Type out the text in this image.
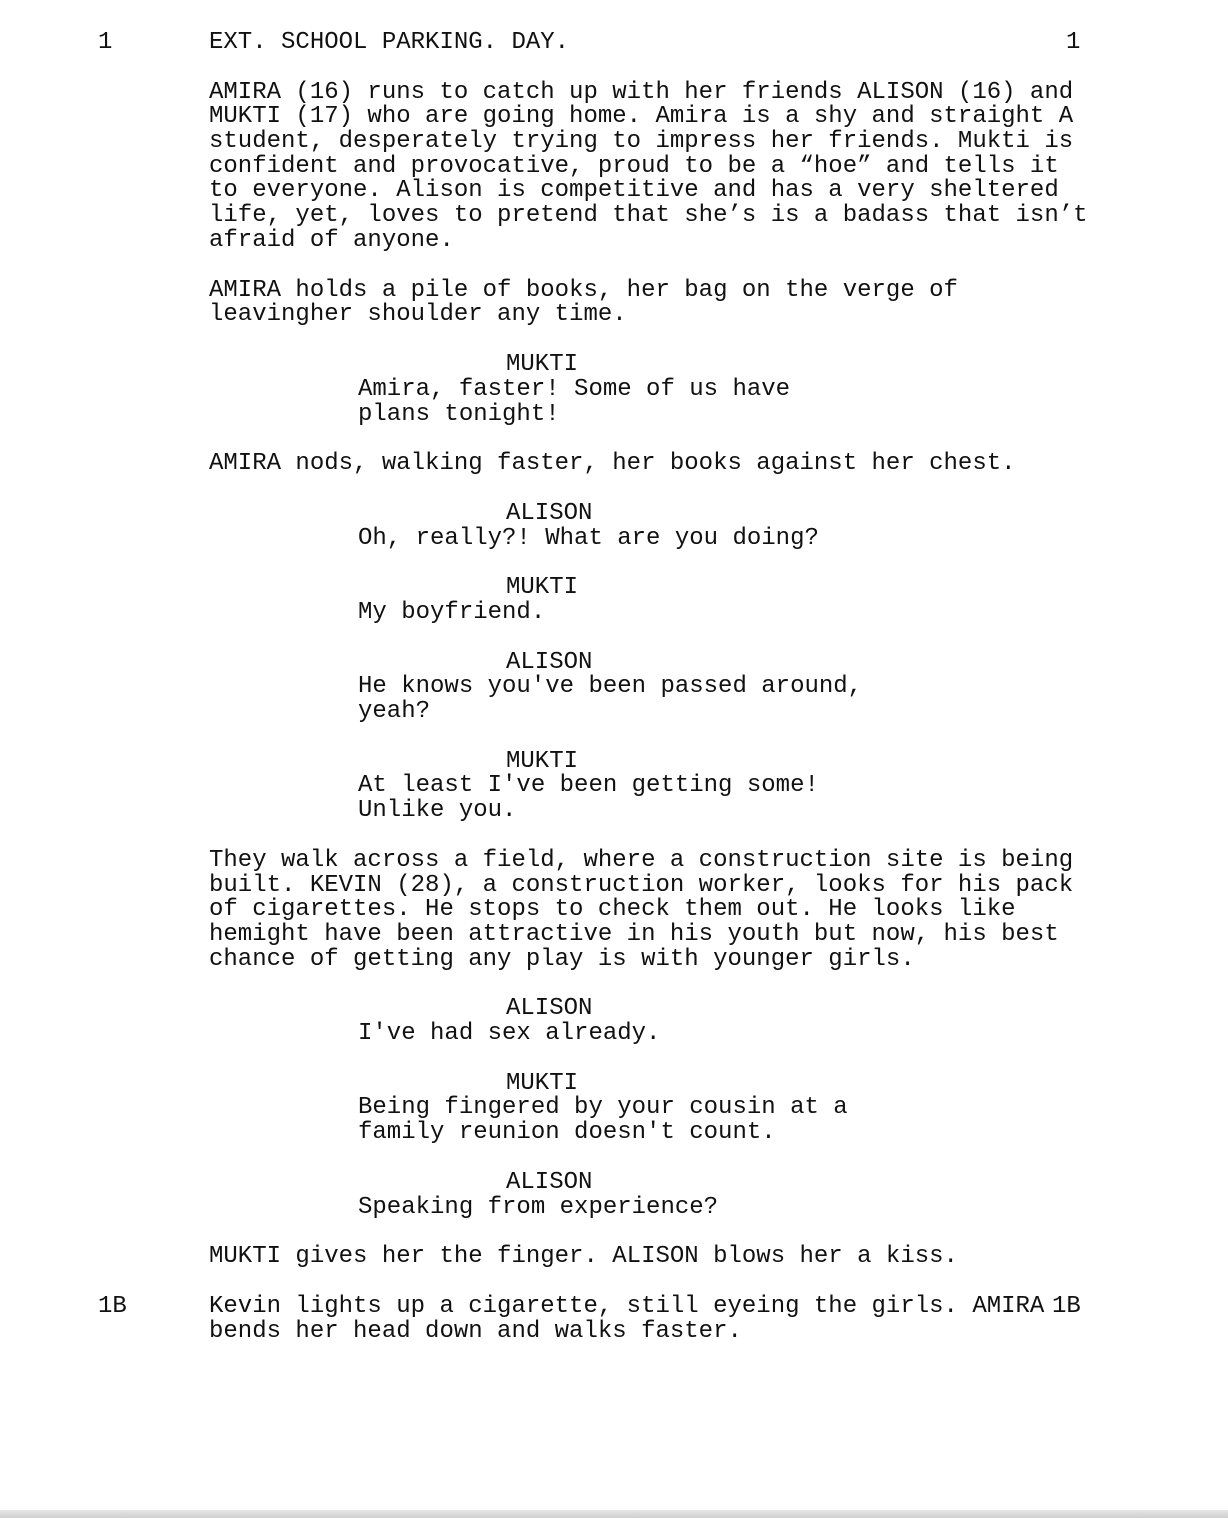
1	EXT. SCHOOL PARKING. DAY.	1

AMIRA (16) runs to catch up with her friends ALISON (16) and

MUKTI (17) who are going home. Amira is a shy and straight A

student, desperately trying to impress her friends. Mukti is

confident and provocative, proud to be a “hoe” and tells it

to everyone. Alison is competitive and has a very sheltered

life, yet, loves to pretend that she’s is a badass that isn’t

afraid of anyone.

AMIRA holds a pile of books, her bag on the verge of

leavingher shoulder any time.

MUKTI

Amira, faster! Some of us have

plans tonight!

AMIRA nods, walking faster, her books against her chest.

ALISON

Oh, really?! What are you doing?

MUKTI

My boyfriend.

ALISON

He knows you've been passed around,

yeah?

MUKTI

At least I've been getting some!

Unlike you.

They walk across a field, where a construction site is being

built. KEVIN (28), a construction worker, looks for his pack

of cigarettes. He stops to check them out. He looks like

hemight have been attractive in his youth but now, his best

chance of getting any play is with younger girls.

ALISON

I've had sex already.

MUKTI

Being fingered by your cousin at a

family reunion doesn't count.

ALISON

Speaking from experience?

MUKTI gives her the finger. ALISON blows her a kiss.

1B	Kevin lights up a cigarette, still eyeing the girls. AMIRA

bends her head down and walks faster.

1B
